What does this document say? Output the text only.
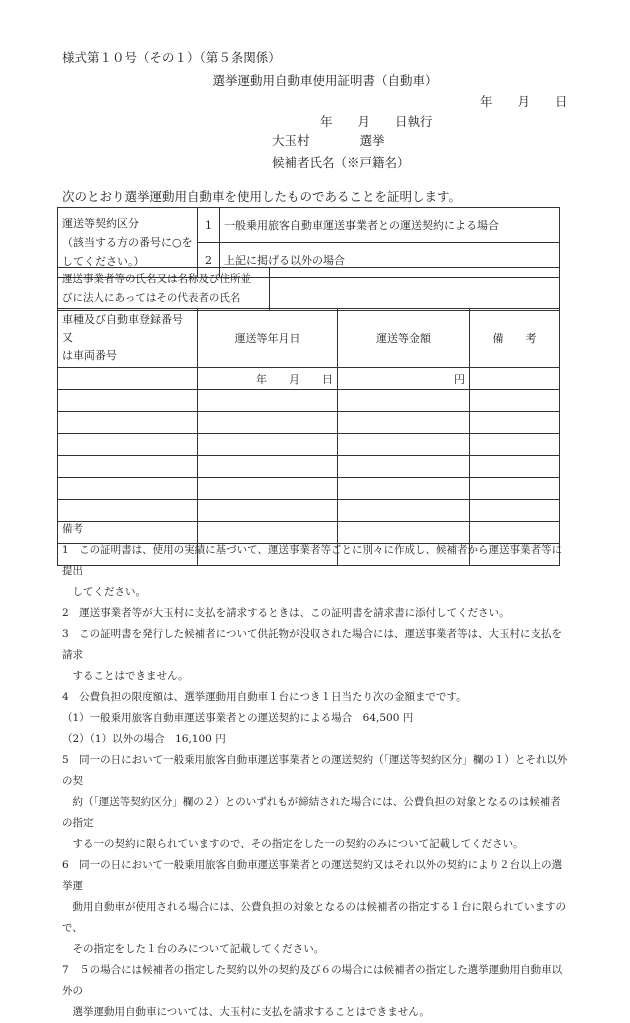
様式第１０号（その１）（第５条関係）
選挙運動用自動車使用証明書（自動車）
年　　月　　日
年　　月　　日執行
大玉村　　　　選挙
候補者氏名（※戸籍名）
次のとおり選挙運動用自動車を使用したものであることを証明します。
運送等契約区分
（該当する方の番号に○を
してください。）	1	一般乗用旅客自動車運送事業者との運送契約による場合
	2	上記に掲げる以外の場合
運送事業者等の氏名又は名称及び住所並
びに法人にあってはその代表者の氏名

車種及び自動車登録番号又
は車両番号	運送等年月日	運送等金額	備　　考
	年　　月　　日	円	

備考

1　この証明書は、使用の実績に基づいて、運送事業者等ごとに別々に作成し、候補者から運送事業者等に提出

　してください。

2　運送事業者等が大玉村に支払を請求するときは、この証明書を請求書に添付してください。

3　この証明書を発行した候補者について供託物が没収された場合には、運送事業者等は、大玉村に支払を請求

　することはできません。

4　公費負担の限度額は、選挙運動用自動車１台につき１日当たり次の金額までです。

（1）一般乗用旅客自動車運送事業者との運送契約による場合　64,500 円

（2）（1）以外の場合　16,100 円

5　同一の日において一般乗用旅客自動車運送事業者との運送契約（「運送等契約区分」欄の１）とそれ以外の契

　約（「運送等契約区分」欄の２）とのいずれもが締結された場合には、公費負担の対象となるのは候補者の指定

　する一の契約に限られていますので、その指定をした一の契約のみについて記載してください。

6　同一の日において一般乗用旅客自動車運送事業者との運送契約又はそれ以外の契約により２台以上の選挙運

　動用自動車が使用される場合には、公費負担の対象となるのは候補者の指定する１台に限られていますので、

　その指定をした１台のみについて記載してください。

7　５の場合には候補者の指定した契約以外の契約及び６の場合には候補者の指定した選挙運動用自動車以外の

　選挙運動用自動車については、大玉村に支払を請求することはできません。
